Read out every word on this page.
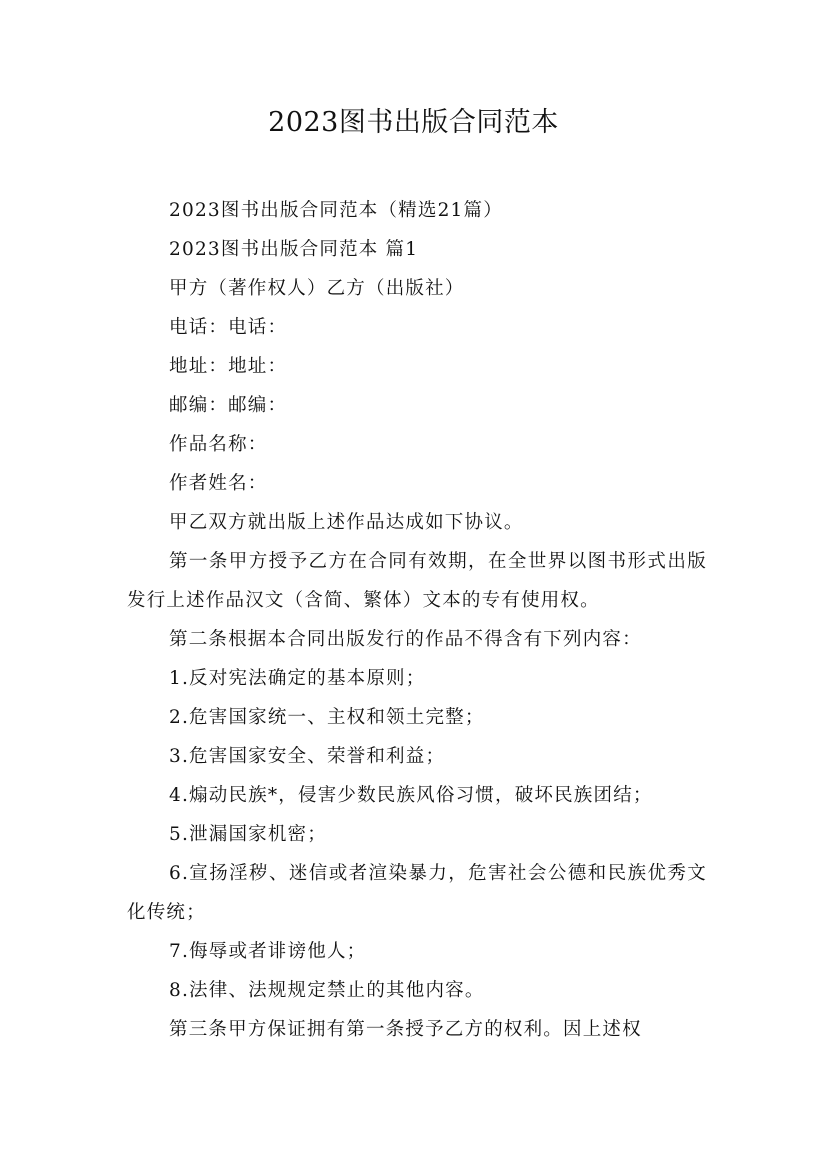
2023图书出版合同范本

2023图书出版合同范本（精选21篇）

2023图书出版合同范本 篇1

甲方（著作权人）乙方（出版社）

电话：电话：

地址：地址：

邮编：邮编：

作品名称：

作者姓名：

甲乙双方就出版上述作品达成如下协议。

第一条甲方授予乙方在合同有效期，在全世界以图书形式出版发行上述作品汉文（含简、繁体）文本的专有使用权。

第二条根据本合同出版发行的作品不得含有下列内容：

1.反对宪法确定的基本原则；

2.危害国家统一、主权和领土完整；

3.危害国家安全、荣誉和利益；

4.煽动民族*，侵害少数民族风俗习惯，破坏民族团结；

5.泄漏国家机密；

6.宣扬淫秽、迷信或者渲染暴力，危害社会公德和民族优秀文化传统；

7.侮辱或者诽谤他人；

8.法律、法规规定禁止的其他内容。

第三条甲方保证拥有第一条授予乙方的权利。因上述权
